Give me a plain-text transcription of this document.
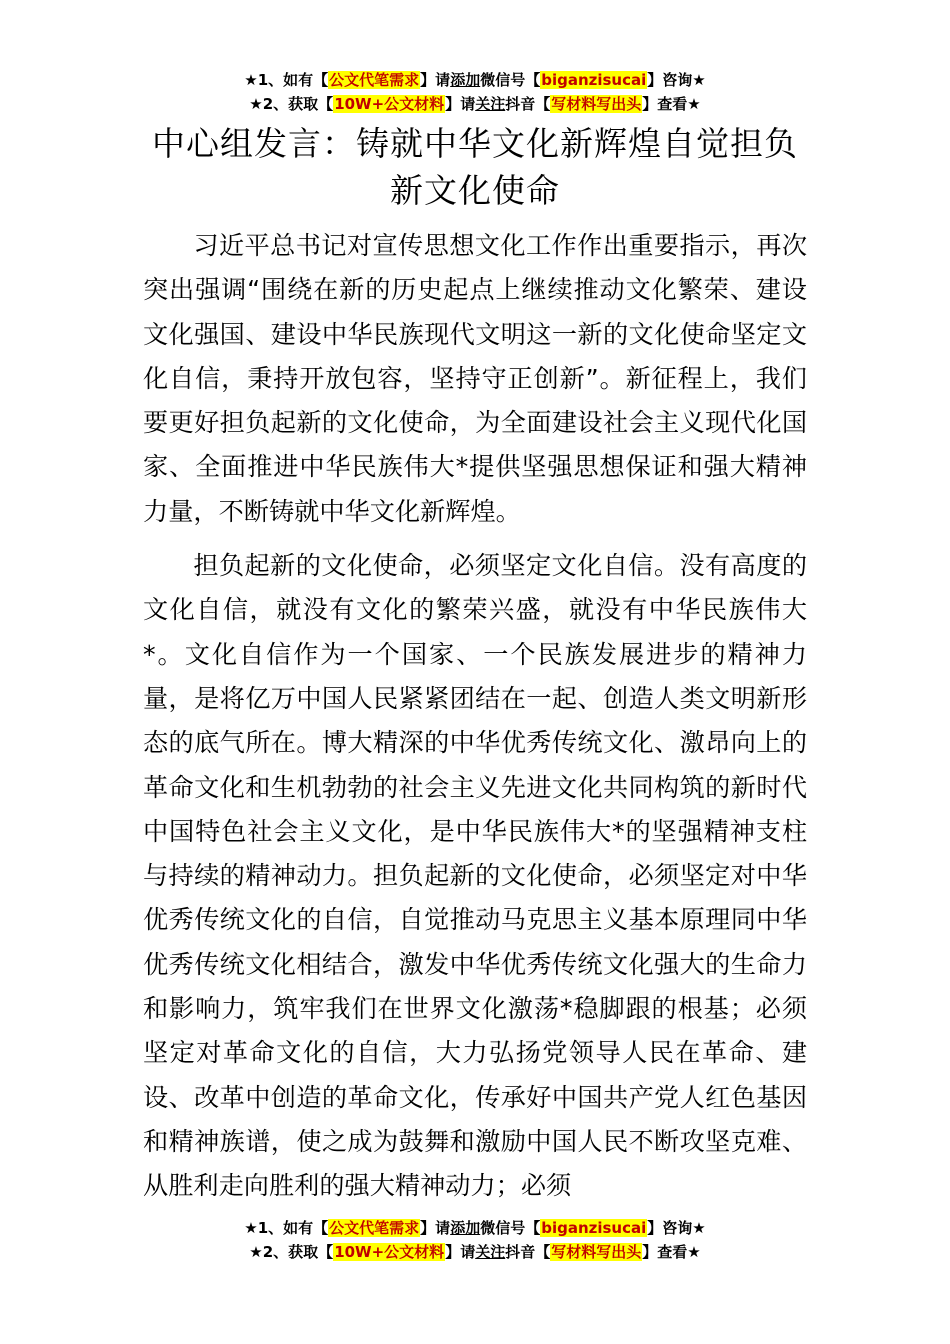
★1、如有【公文代笔需求】请添加微信号【biganzisucai】咨询★
★2、获取【10W+公文材料】请关注抖音【写材料写出头】查看★
中心组发言：铸就中华文化新辉煌自觉担负新文化使命

习近平总书记对宣传思想文化工作作出重要指示，再次突出强调“围绕在新的历史起点上继续推动文化繁荣、建设文化强国、建设中华民族现代文明这一新的文化使命坚定文化自信，秉持开放包容，坚持守正创新”。新征程上，我们要更好担负起新的文化使命，为全面建设社会主义现代化国家、全面推进中华民族伟大*提供坚强思想保证和强大精神力量，不断铸就中华文化新辉煌。

担负起新的文化使命，必须坚定文化自信。没有高度的文化自信，就没有文化的繁荣兴盛，就没有中华民族伟大*。文化自信作为一个国家、一个民族发展进步的精神力量，是将亿万中国人民紧紧团结在一起、创造人类文明新形态的底气所在。博大精深的中华优秀传统文化、激昂向上的革命文化和生机勃勃的社会主义先进文化共同构筑的新时代中国特色社会主义文化，是中华民族伟大*的坚强精神支柱与持续的精神动力。担负起新的文化使命，必须坚定对中华优秀传统文化的自信，自觉推动马克思主义基本原理同中华优秀传统文化相结合，激发中华优秀传统文化强大的生命力和影响力，筑牢我们在世界文化激荡*稳脚跟的根基；必须坚定对革命文化的自信，大力弘扬党领导人民在革命、建设、改革中创造的革命文化，传承好中国共产党人红色基因和精神族谱，使之成为鼓舞和激励中国人民不断攻坚克难、从胜利走向胜利的强大精神动力；必须

★1、如有【公文代笔需求】请添加微信号【biganzisucai】咨询★
★2、获取【10W+公文材料】请关注抖音【写材料写出头】查看★
